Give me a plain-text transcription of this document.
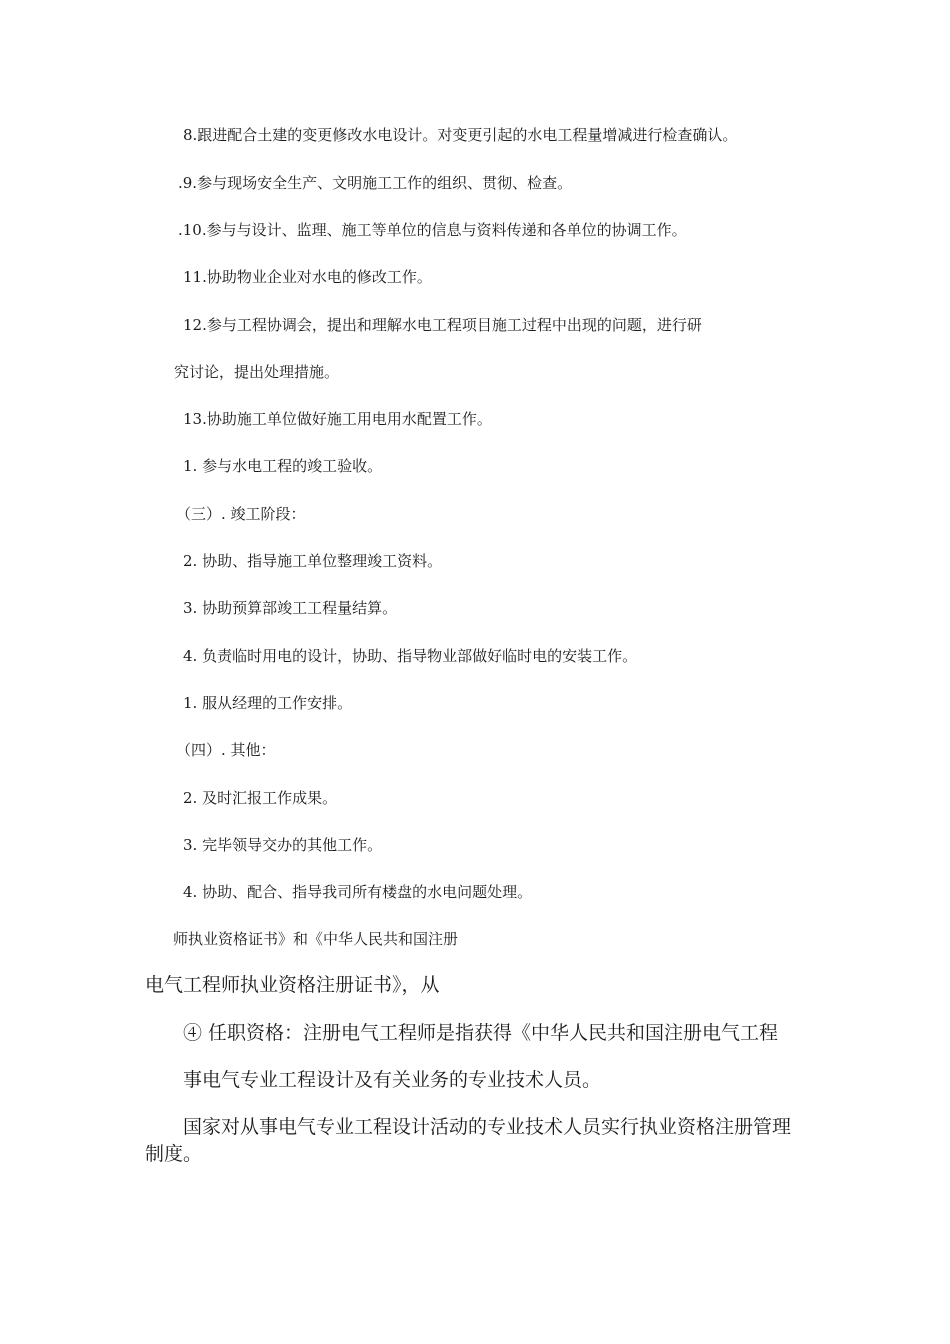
8.跟进配合土建的变更修改水电设计。对变更引起的水电工程量增减进行检查确认。

.9.参与现场安全生产、文明施工工作的组织、贯彻、检查。

.10.参与与设计、监理、施工等单位的信息与资料传递和各单位的协调工作。

11.协助物业企业对水电的修改工作。

12.参与工程协调会，提出和理解水电工程项目施工过程中出现的问题，进行研

究讨论，提出处理措施。

13.协助施工单位做好施工用电用水配置工作。

1. 参与水电工程的竣工验收。

（三）. 竣工阶段：

2. 协助、指导施工单位整理竣工资料。

3. 协助预算部竣工工程量结算。

4. 负责临时用电的设计，协助、指导物业部做好临时电的安装工作。

1. 服从经理的工作安排。

（四）. 其他：

2. 及时汇报工作成果。

3. 完毕领导交办的其他工作。

4. 协助、配合、指导我司所有楼盘的水电问题处理。

师执业资格证书》和《中华人民共和国注册

电气工程师执业资格注册证书》，从

④ 任职资格：注册电气工程师是指获得《中华人民共和国注册电气工程

事电气专业工程设计及有关业务的专业技术人员。

国家对从事电气专业工程设计活动的专业技术人员实行执业资格注册管理

制度。
